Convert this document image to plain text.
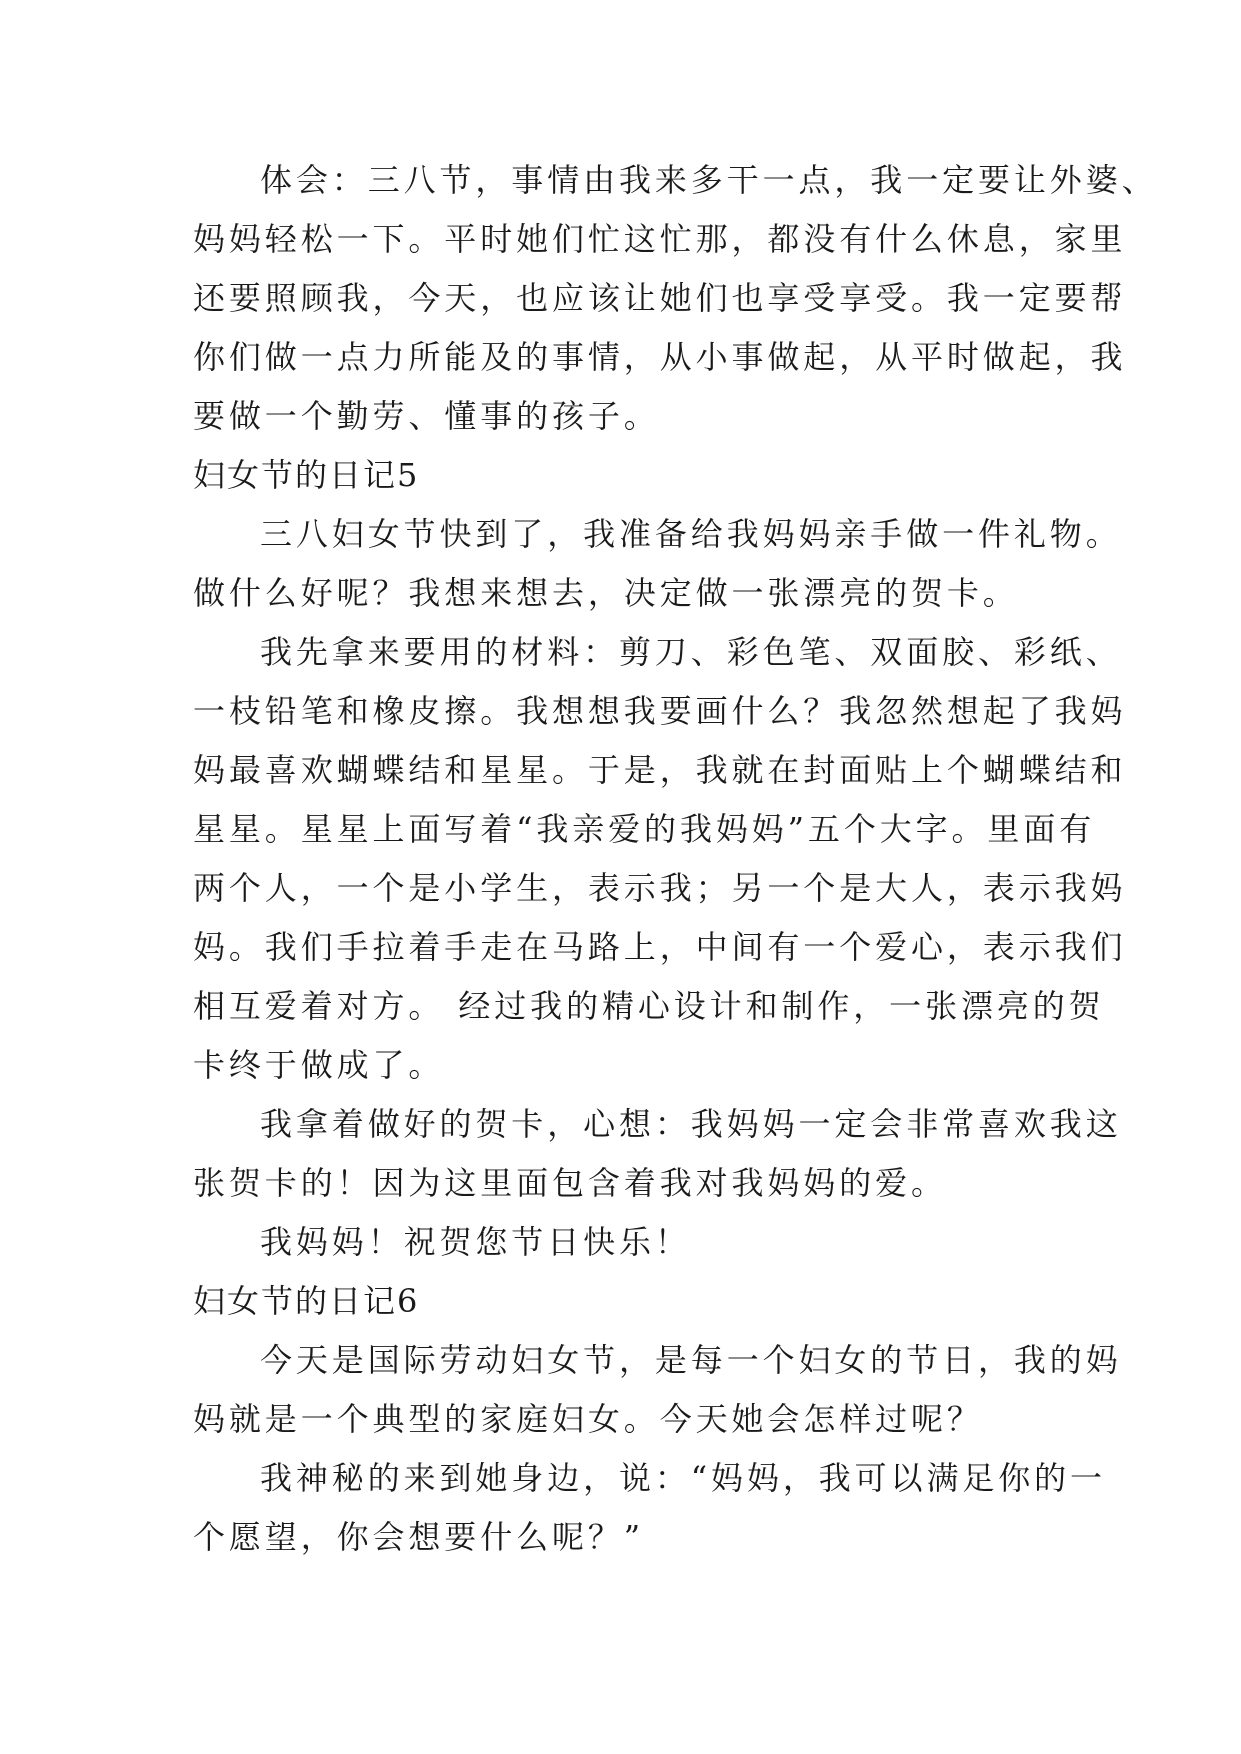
体会：三八节，事情由我来多干一点，我一定要让外婆、
妈妈轻松一下。平时她们忙这忙那，都没有什么休息，家里
还要照顾我，今天，也应该让她们也享受享受。我一定要帮
你们做一点力所能及的事情，从小事做起，从平时做起，我
要做一个勤劳、懂事的孩子。
妇女节的日记5
三八妇女节快到了，我准备给我妈妈亲手做一件礼物。
做什么好呢？我想来想去，决定做一张漂亮的贺卡。
我先拿来要用的材料：剪刀、彩色笔、双面胶、彩纸、
一枝铅笔和橡皮擦。我想想我要画什么？我忽然想起了我妈
妈最喜欢蝴蝶结和星星。于是，我就在封面贴上个蝴蝶结和
星星。星星上面写着“我亲爱的我妈妈”五个大字。里面有
两个人，一个是小学生，表示我；另一个是大人，表示我妈
妈。我们手拉着手走在马路上，中间有一个爱心，表示我们
相互爱着对方。 经过我的精心设计和制作，一张漂亮的贺
卡终于做成了。
我拿着做好的贺卡，心想：我妈妈一定会非常喜欢我这
张贺卡的！因为这里面包含着我对我妈妈的爱。
我妈妈！祝贺您节日快乐！
妇女节的日记6
今天是国际劳动妇女节，是每一个妇女的节日，我的妈
妈就是一个典型的家庭妇女。今天她会怎样过呢？
我神秘的来到她身边，说：“妈妈，我可以满足你的一
个愿望，你会想要什么呢？”
